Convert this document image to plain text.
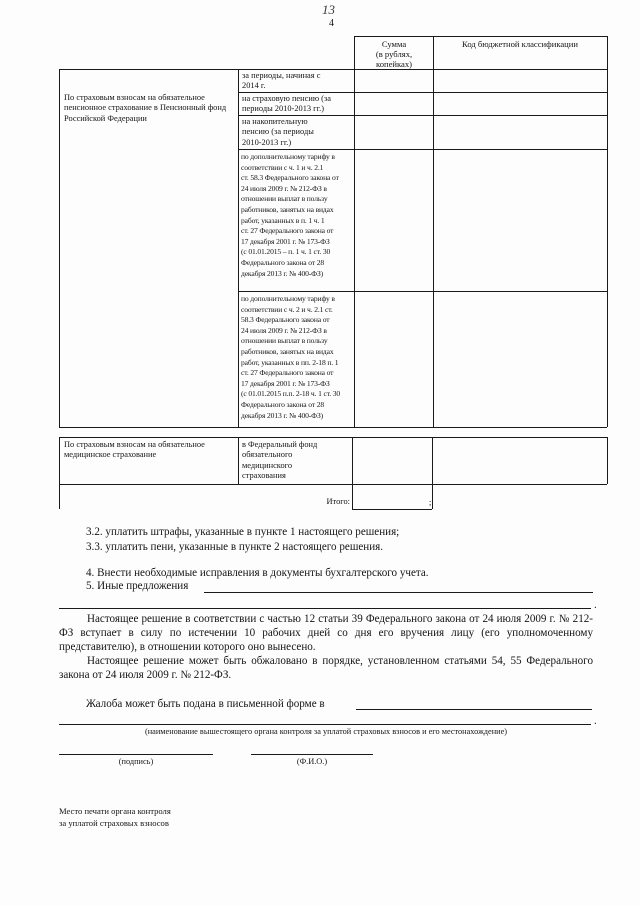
13
4
Сумма
(в рублях,
копейках)
Код бюджетной классификации
По страховым взносам на обязательное пенсионное страхование в Пенсионный фонд Российской Федерации
за периоды, начиная с
2014 г.
на страховую пенсию (за
периоды 2010-2013 гг.)
на накопительную
пенсию (за периоды
2010-2013 гг.)
по дополнительному тарифу в
соответствии с ч. 1 и ч. 2.1
ст. 58.3 Федерального закона от
24 июля 2009 г. № 212-ФЗ в
отношении выплат в пользу
работников, занятых на видах
работ, указанных в п. 1 ч. 1
ст. 27 Федерального закона от
17 декабря 2001 г. № 173-ФЗ
(с 01.01.2015 – п. 1 ч. 1 ст. 30
Федерального закона от 28
декабря 2013 г. № 400-ФЗ)
по дополнительному тарифу в
соответствии с ч. 2 и ч. 2.1 ст.
58.3 Федерального закона от
24 июля 2009 г. № 212-ФЗ в
отношении выплат в пользу
работников, занятых на видах
работ, указанных в пп. 2-18 п. 1
ст. 27 Федерального закона от
17 декабря 2001 г. № 173-ФЗ
(с 01.01.2015 п.п. 2-18 ч. 1 ст. 30
Федерального закона от 28
декабря 2013 г. № 400-ФЗ)
По страховым взносам на обязательное медицинское страхование
в Федеральный фонд
обязательного
медицинского
страхования
Итого:	;
3.2. уплатить штрафы, указанные в пункте 1 настоящего решения;
3.3. уплатить пени, указанные в пункте 2 настоящего решения.
4. Внести необходимые исправления в документы бухгалтерского учета.
5. Иные предложения
.
Настоящее решение в соответствии с частью 12 статьи 39 Федерального закона от 24 июля 2009 г. № 212-ФЗ вступает в силу по истечении 10 рабочих дней со дня его вручения лицу (его уполномоченному представителю), в отношении которого оно вынесено.
Настоящее решение может быть обжаловано в порядке, установленном статьями 54, 55 Федерального закона от 24 июля 2009 г. № 212-ФЗ.
Жалоба может быть подана в письменной форме в
.
(наименование вышестоящего органа контроля за уплатой страховых взносов и его местонахождение)
(подпись)	(Ф.И.О.)
Место печати органа контроля
за уплатой страховых взносов
